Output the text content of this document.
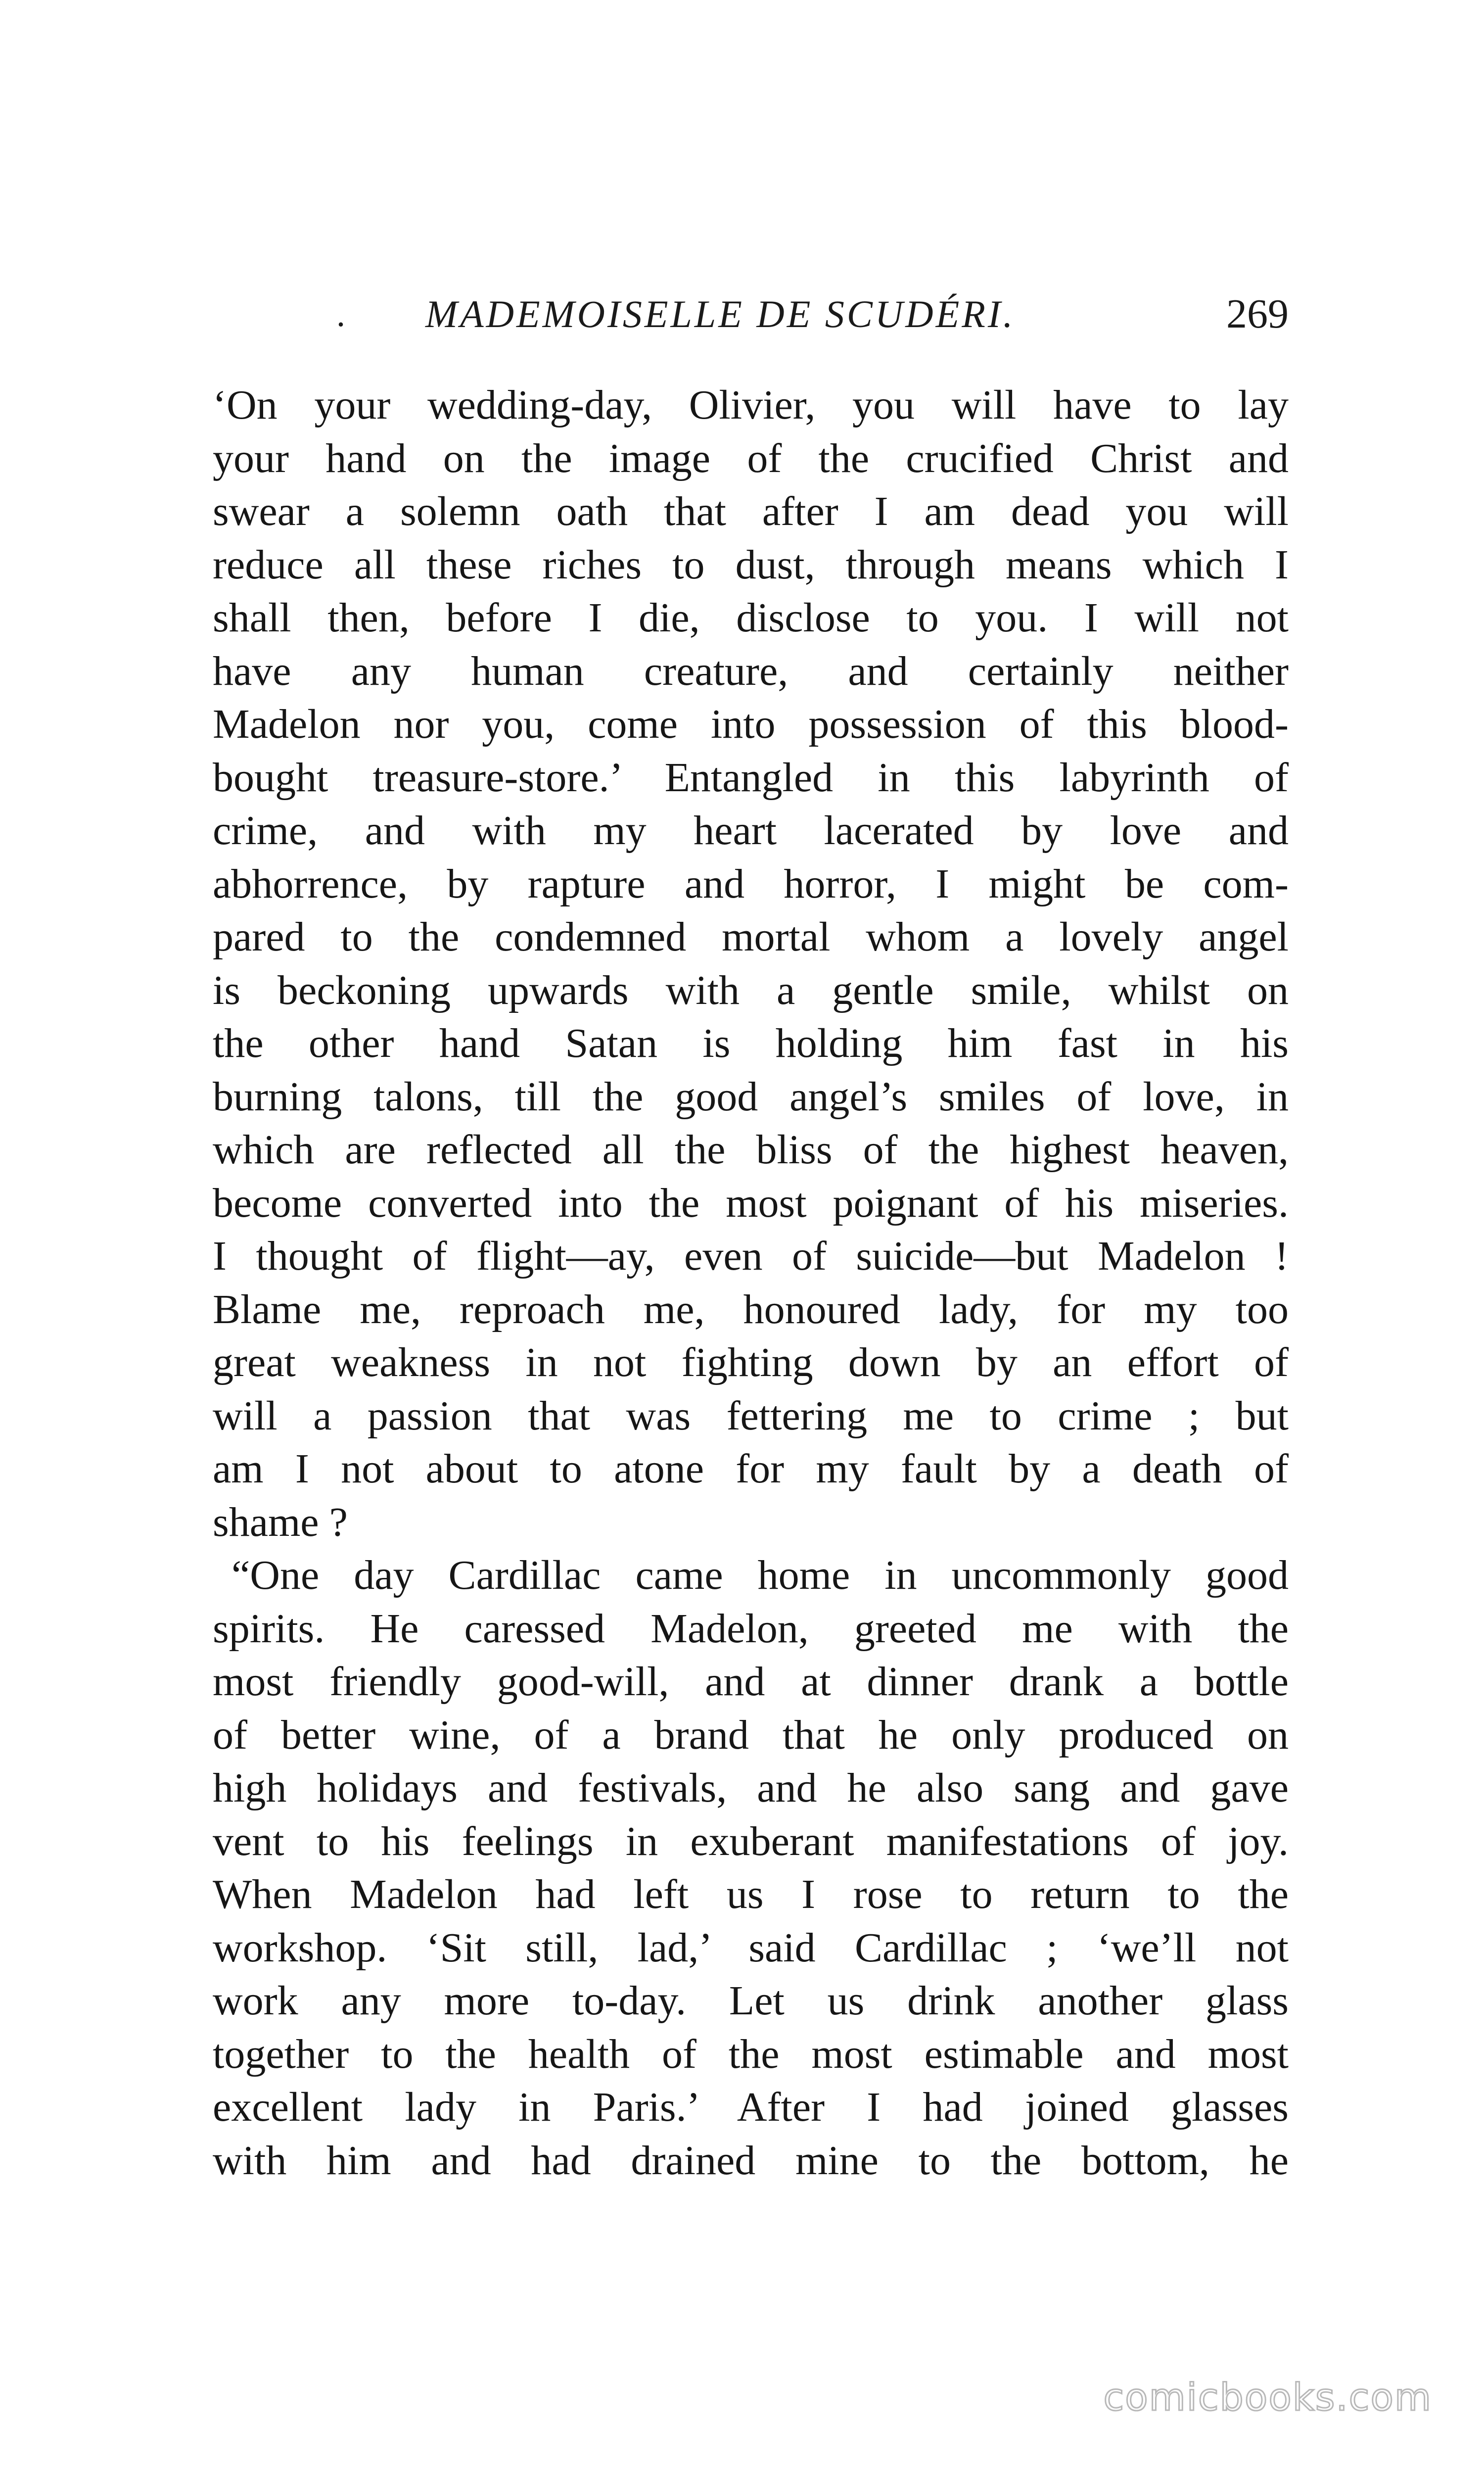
. MADEMOISELLE DE SCUDÉRI.	269
‘On your wedding-day, Olivier, you will have to lay
your hand on the image of the crucified Christ and
swear a solemn oath that after I am dead you will
reduce all these riches to dust, through means which I
shall then, before I die, disclose to you. I will not
have any human creature, and certainly neither
Madelon nor you, come into possession of this blood-
bought treasure-store.’ Entangled in this labyrinth of
crime, and with my heart lacerated by love and
abhorrence, by rapture and horror, I might be com-
pared to the condemned mortal whom a lovely angel
is beckoning upwards with a gentle smile, whilst on
the other hand Satan is holding him fast in his
burning talons, till the good angel’s smiles of love, in
which are reflected all the bliss of the highest heaven,
become converted into the most poignant of his miseries.
I thought of flight—ay, even of suicide—but Madelon !
Blame me, reproach me, honoured lady, for my too
great weakness in not fighting down by an effort of
will a passion that was fettering me to crime ; but
am I not about to atone for my fault by a death of
shame ?
“One day Cardillac came home in uncommonly good
spirits. He caressed Madelon, greeted me with the
most friendly good-will, and at dinner drank a bottle
of better wine, of a brand that he only produced on
high holidays and festivals, and he also sang and gave
vent to his feelings in exuberant manifestations of joy.
When Madelon had left us I rose to return to the
workshop. ‘Sit still, lad,’ said Cardillac ; ‘we’ll not
work any more to-day. Let us drink another glass
together to the health of the most estimable and most
excellent lady in Paris.’ After I had joined glasses
with him and had drained mine to the bottom, he
comicbooks.com
